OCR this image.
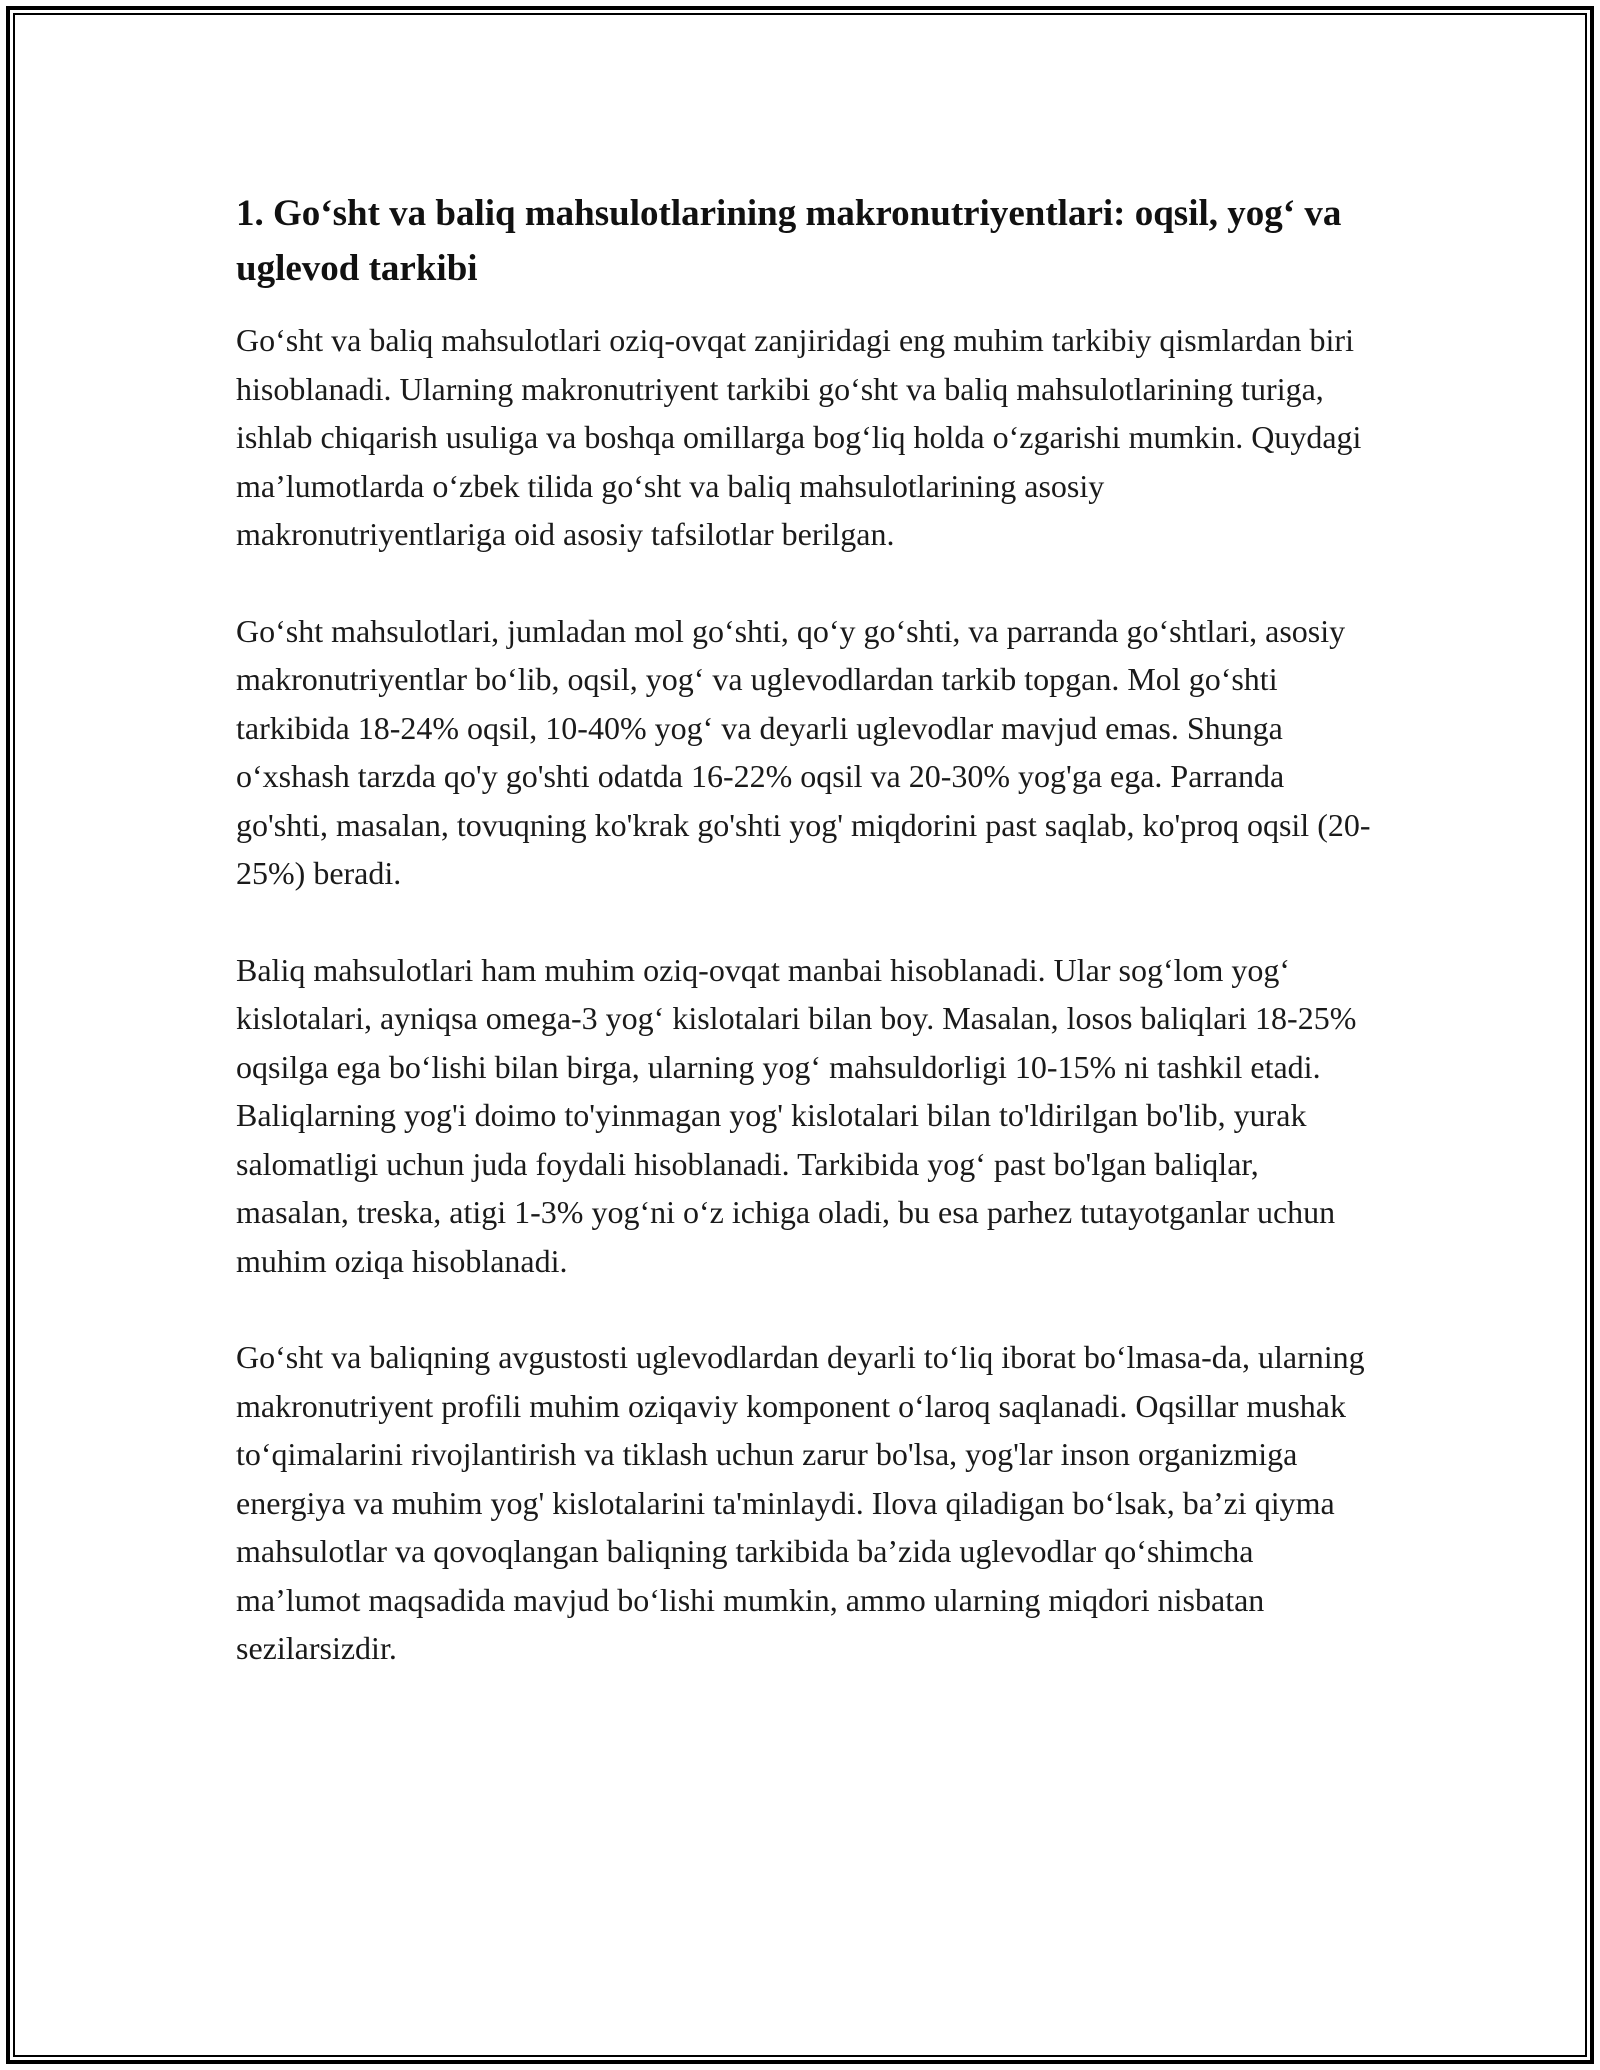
1. Go‘sht va baliq mahsulotlarining makronutriyentlari: oqsil, yog‘ va uglevod tarkibi

Go‘sht va baliq mahsulotlari oziq-ovqat zanjiridagi eng muhim tarkibiy qismlardan biri hisoblanadi. Ularning makronutriyent tarkibi go‘sht va baliq mahsulotlarining turiga, ishlab chiqarish usuliga va boshqa omillarga bog‘liq holda o‘zgarishi mumkin. Quydagi ma’lumotlarda o‘zbek tilida go‘sht va baliq mahsulotlarining asosiy makronutriyentlariga oid asosiy tafsilotlar berilgan.

Go‘sht mahsulotlari, jumladan mol go‘shti, qo‘y go‘shti, va parranda go‘shtlari, asosiy makronutriyentlar bo‘lib, oqsil, yog‘ va uglevodlardan tarkib topgan. Mol go‘shti tarkibida 18-24% oqsil, 10-40% yog‘ va deyarli uglevodlar mavjud emas. Shunga o‘xshash tarzda qo'y go'shti odatda 16-22% oqsil va 20-30% yog'ga ega. Parranda go'shti, masalan, tovuqning ko'krak go'shti yog' miqdorini past saqlab, ko'proq oqsil (20-25%) beradi.

Baliq mahsulotlari ham muhim oziq-ovqat manbai hisoblanadi. Ular sog‘lom yog‘ kislotalari, ayniqsa omega-3 yog‘ kislotalari bilan boy. Masalan, losos baliqlari 18-25% oqsilga ega bo‘lishi bilan birga, ularning yog‘ mahsuldorligi 10-15% ni tashkil etadi. Baliqlarning yog'i doimo to'yinmagan yog' kislotalari bilan to'ldirilgan bo'lib, yurak salomatligi uchun juda foydali hisoblanadi. Tarkibida yog‘ past bo'lgan baliqlar, masalan, treska, atigi 1-3% yog‘ni o‘z ichiga oladi, bu esa parhez tutayotganlar uchun muhim oziqa hisoblanadi.

Go‘sht va baliqning avgustosti uglevodlardan deyarli to‘liq iborat bo‘lmasa-da, ularning makronutriyent profili muhim oziqaviy komponent o‘laroq saqlanadi. Oqsillar mushak to‘qimalarini rivojlantirish va tiklash uchun zarur bo'lsa, yog'lar inson organizmiga energiya va muhim yog' kislotalarini ta'minlaydi. Ilova qiladigan bo‘lsak, ba’zi qiyma mahsulotlar va qovoqlangan baliqning tarkibida ba’zida uglevodlar qo‘shimcha ma’lumot maqsadida mavjud bo‘lishi mumkin, ammo ularning miqdori nisbatan sezilarsizdir.
